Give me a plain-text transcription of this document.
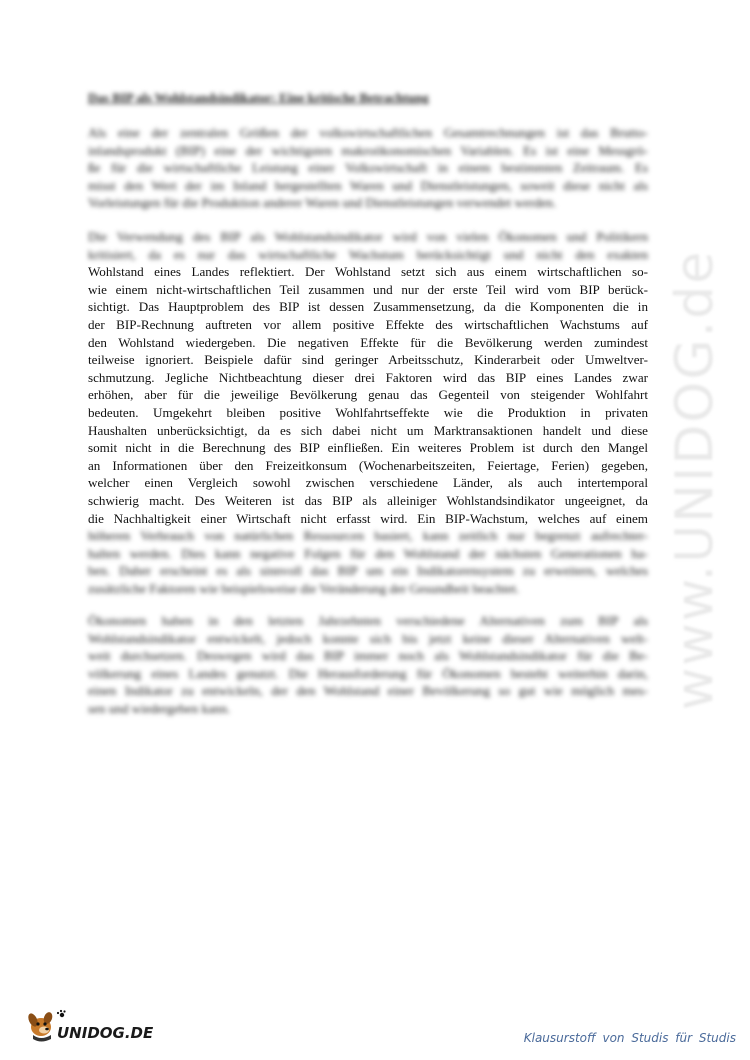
Das BIP als Wohlstandsindikator: Eine kritische Betrachtung
Als eine der zentralen Größen der volkswirtschaftlichen Gesamtrechnungen ist das Brutto-
inlandsprodukt (BIP) eine der wichtigsten makroökonomischen Variablen. Es ist eine Messgrö-
ße für die wirtschaftliche Leistung einer Volkswirtschaft in einem bestimmten Zeitraum. Es
misst den Wert der im Inland hergestellten Waren und Dienstleistungen, soweit diese nicht als
Vorleistungen für die Produktion anderer Waren und Dienstleistungen verwendet werden.
Die Verwendung des BIP als Wohlstandsindikator wird von vielen Ökonomen und Politikern
kritisiert, da es nur das wirtschaftliche Wachstum berücksichtigt und nicht den exakten
Wohlstand eines Landes reflektiert. Der Wohlstand setzt sich aus einem wirtschaftlichen so-
wie einem nicht-wirtschaftlichen Teil zusammen und nur der erste Teil wird vom BIP berück-
sichtigt. Das Hauptproblem des BIP ist dessen Zusammensetzung, da die Komponenten die in
der BIP-Rechnung auftreten vor allem positive Effekte des wirtschaftlichen Wachstums auf
den Wohlstand wiedergeben. Die negativen Effekte für die Bevölkerung werden zumindest
teilweise ignoriert. Beispiele dafür sind geringer Arbeitsschutz, Kinderarbeit oder Umweltver-
schmutzung. Jegliche Nichtbeachtung dieser drei Faktoren wird das BIP eines Landes zwar
erhöhen, aber für die jeweilige Bevölkerung genau das Gegenteil von steigender Wohlfahrt
bedeuten. Umgekehrt bleiben positive Wohlfahrtseffekte wie die Produktion in privaten
Haushalten unberücksichtigt, da es sich dabei nicht um Marktransaktionen handelt und diese
somit nicht in die Berechnung des BIP einfließen. Ein weiteres Problem ist durch den Mangel
an Informationen über den Freizeitkonsum (Wochenarbeitszeiten, Feiertage, Ferien) gegeben,
welcher einen Vergleich sowohl zwischen verschiedene Länder, als auch intertemporal
schwierig macht. Des Weiteren ist das BIP als alleiniger Wohlstandsindikator ungeeignet, da
die Nachhaltigkeit einer Wirtschaft nicht erfasst wird. Ein BIP-Wachstum, welches auf einem
höheren Verbrauch von natürlichen Ressourcen basiert, kann zeitlich nur begrenzt aufrechter-
halten werden. Dies kann negative Folgen für den Wohlstand der nächsten Generationen ha-
ben. Daher erscheint es als sinnvoll das BIP um ein Indikatorensystem zu erweitern, welches
zusätzliche Faktoren wie beispielsweise die Veränderung der Gesundheit beachtet.
Ökonomen haben in den letzten Jahrzehnten verschiedene Alternativen zum BIP als
Wohlstandsindikator entwickelt, jedoch konnte sich bis jetzt keine dieser Alternativen welt-
weit durchsetzen. Deswegen wird das BIP immer noch als Wohlstandsindikator für die Be-
völkerung eines Landes genutzt. Die Herausforderung für Ökonomen besteht weiterhin darin,
einen Indikator zu entwickeln, der den Wohlstand einer Bevölkerung so gut wie möglich mes-
sen und wiedergeben kann.	www.UNIDOG.de
UNIDOG.DE	Klausurstoff von Studis für Studis
